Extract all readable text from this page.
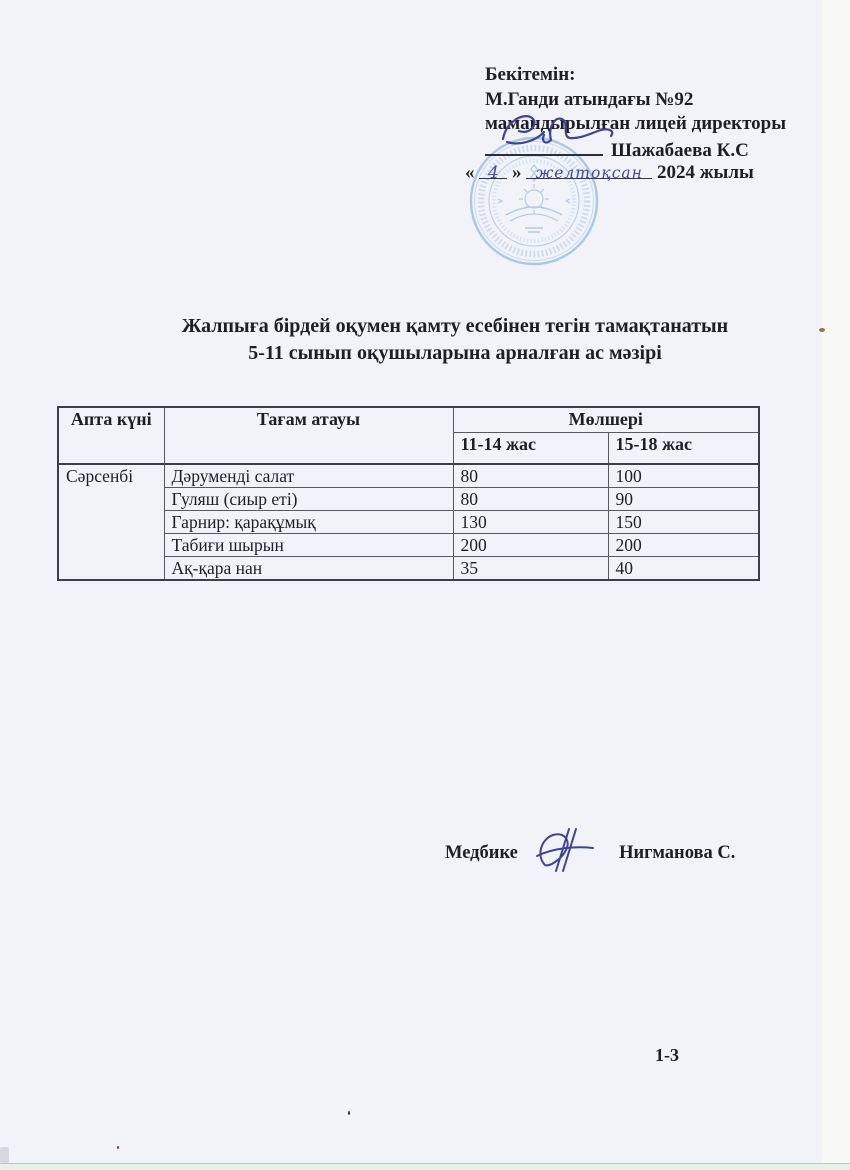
Бекітемін:
М.Ганди атындағы №92
мамандырылған лицей директоры
Шажабаева К.С
« 4 » желтоқсан 2024 жылы
Жалпыға бірдей оқумен қамту есебінен тегін тамақтанатын
5-11 сынып оқушыларына арналған ас мәзірі
Апта күні	Тағам атауы	Мөлшері	
		11-14 жас	15-18 жас
Сәрсенбі	Дәруменді салат	80	100
	Гуляш (сиыр еті)	80	90
	Гарнир: қарақұмық	130	150
	Табиғи шырын	200	200
	Ақ-қара нан	35	40
Медбике	Нигманова С.
1-3
